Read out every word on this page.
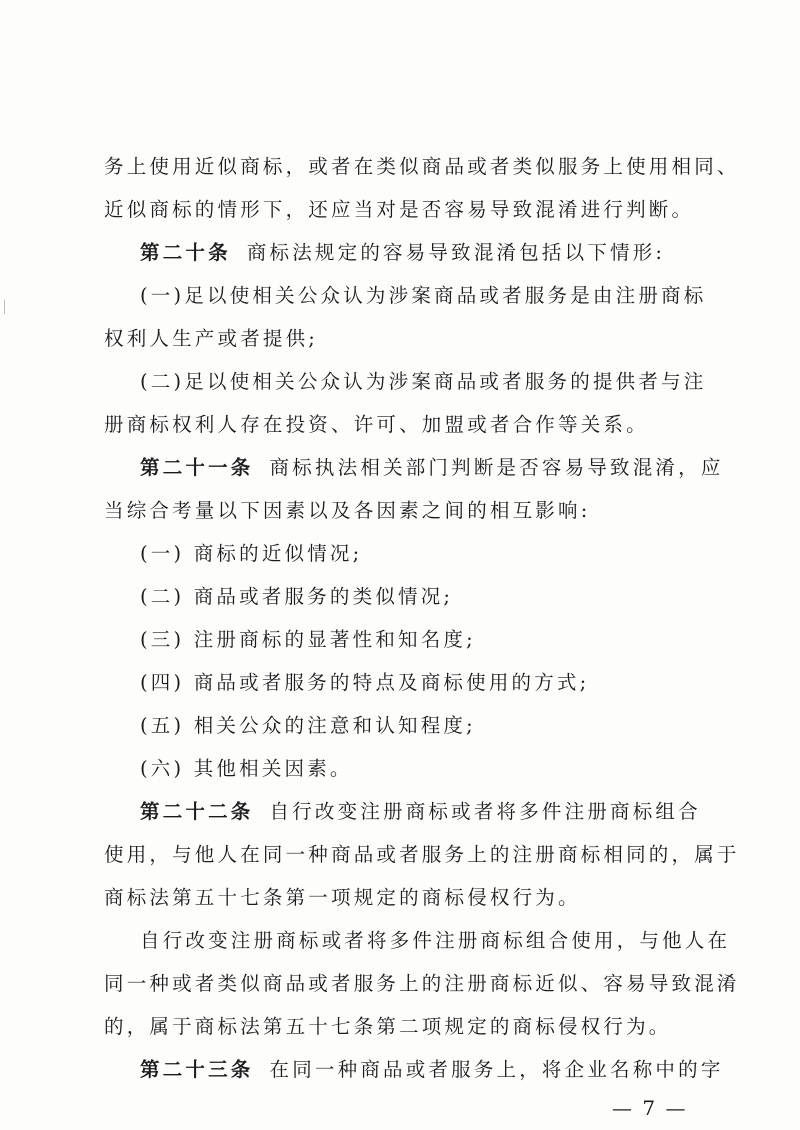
务上使用近似商标，或者在类似商品或者类似服务上使用相同、
近似商标的情形下，还应当对是否容易导致混淆进行判断。
第二十条 商标法规定的容易导致混淆包括以下情形:
(一)足以使相关公众认为涉案商品或者服务是由注册商标
权利人生产或者提供;
(二)足以使相关公众认为涉案商品或者服务的提供者与注
册商标权利人存在投资、许可、加盟或者合作等关系。
第二十一条 商标执法相关部门判断是否容易导致混淆，应
当综合考量以下因素以及各因素之间的相互影响:
(一) 商标的近似情况;
(二) 商品或者服务的类似情况;
(三) 注册商标的显著性和知名度;
(四) 商品或者服务的特点及商标使用的方式;
(五) 相关公众的注意和认知程度;
(六) 其他相关因素。
第二十二条 自行改变注册商标或者将多件注册商标组合
使用，与他人在同一种商品或者服务上的注册商标相同的，属于
商标法第五十七条第一项规定的商标侵权行为。
自行改变注册商标或者将多件注册商标组合使用，与他人在
同一种或者类似商品或者服务上的注册商标近似、容易导致混淆
的，属于商标法第五十七条第二项规定的商标侵权行为。
第二十三条 在同一种商品或者服务上，将企业名称中的字
— 7 —
